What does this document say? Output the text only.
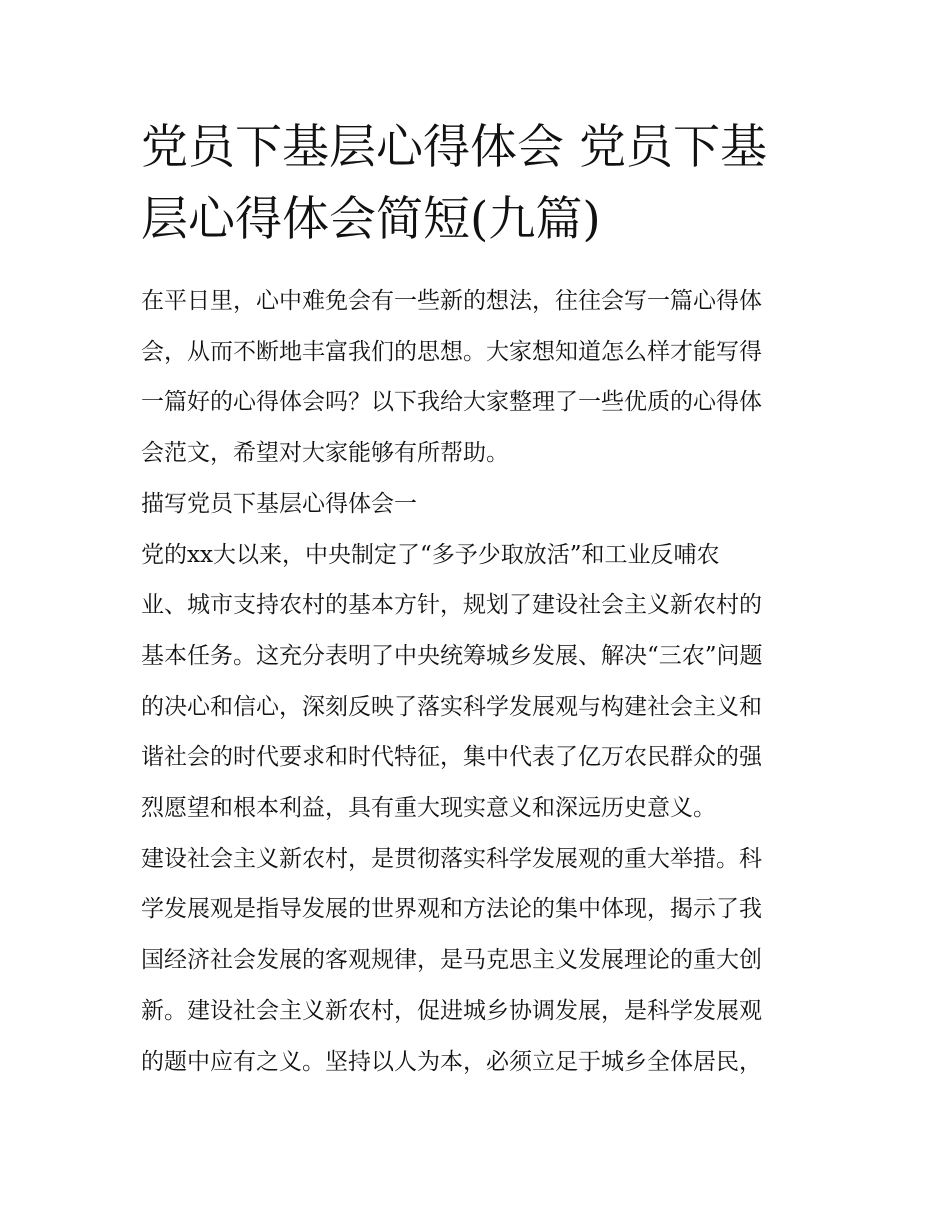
党员下基层心得体会 党员下基
层心得体会简短(九篇)

在平日里，心中难免会有一些新的想法，往往会写一篇心得体
会，从而不断地丰富我们的思想。大家想知道怎么样才能写得
一篇好的心得体会吗？以下我给大家整理了一些优质的心得体
会范文，希望对大家能够有所帮助。

描写党员下基层心得体会一

党的xx大以来，中央制定了“多予少取放活”和工业反哺农
业、城市支持农村的基本方针，规划了建设社会主义新农村的
基本任务。这充分表明了中央统筹城乡发展、解决“三农”问题
的决心和信心，深刻反映了落实科学发展观与构建社会主义和
谐社会的时代要求和时代特征，集中代表了亿万农民群众的强
烈愿望和根本利益，具有重大现实意义和深远历史意义。

建设社会主义新农村，是贯彻落实科学发展观的重大举措。科
学发展观是指导发展的世界观和方法论的集中体现，揭示了我
国经济社会发展的客观规律，是马克思主义发展理论的重大创
新。建设社会主义新农村，促进城乡协调发展，是科学发展观
的题中应有之义。坚持以人为本，必须立足于城乡全体居民，
